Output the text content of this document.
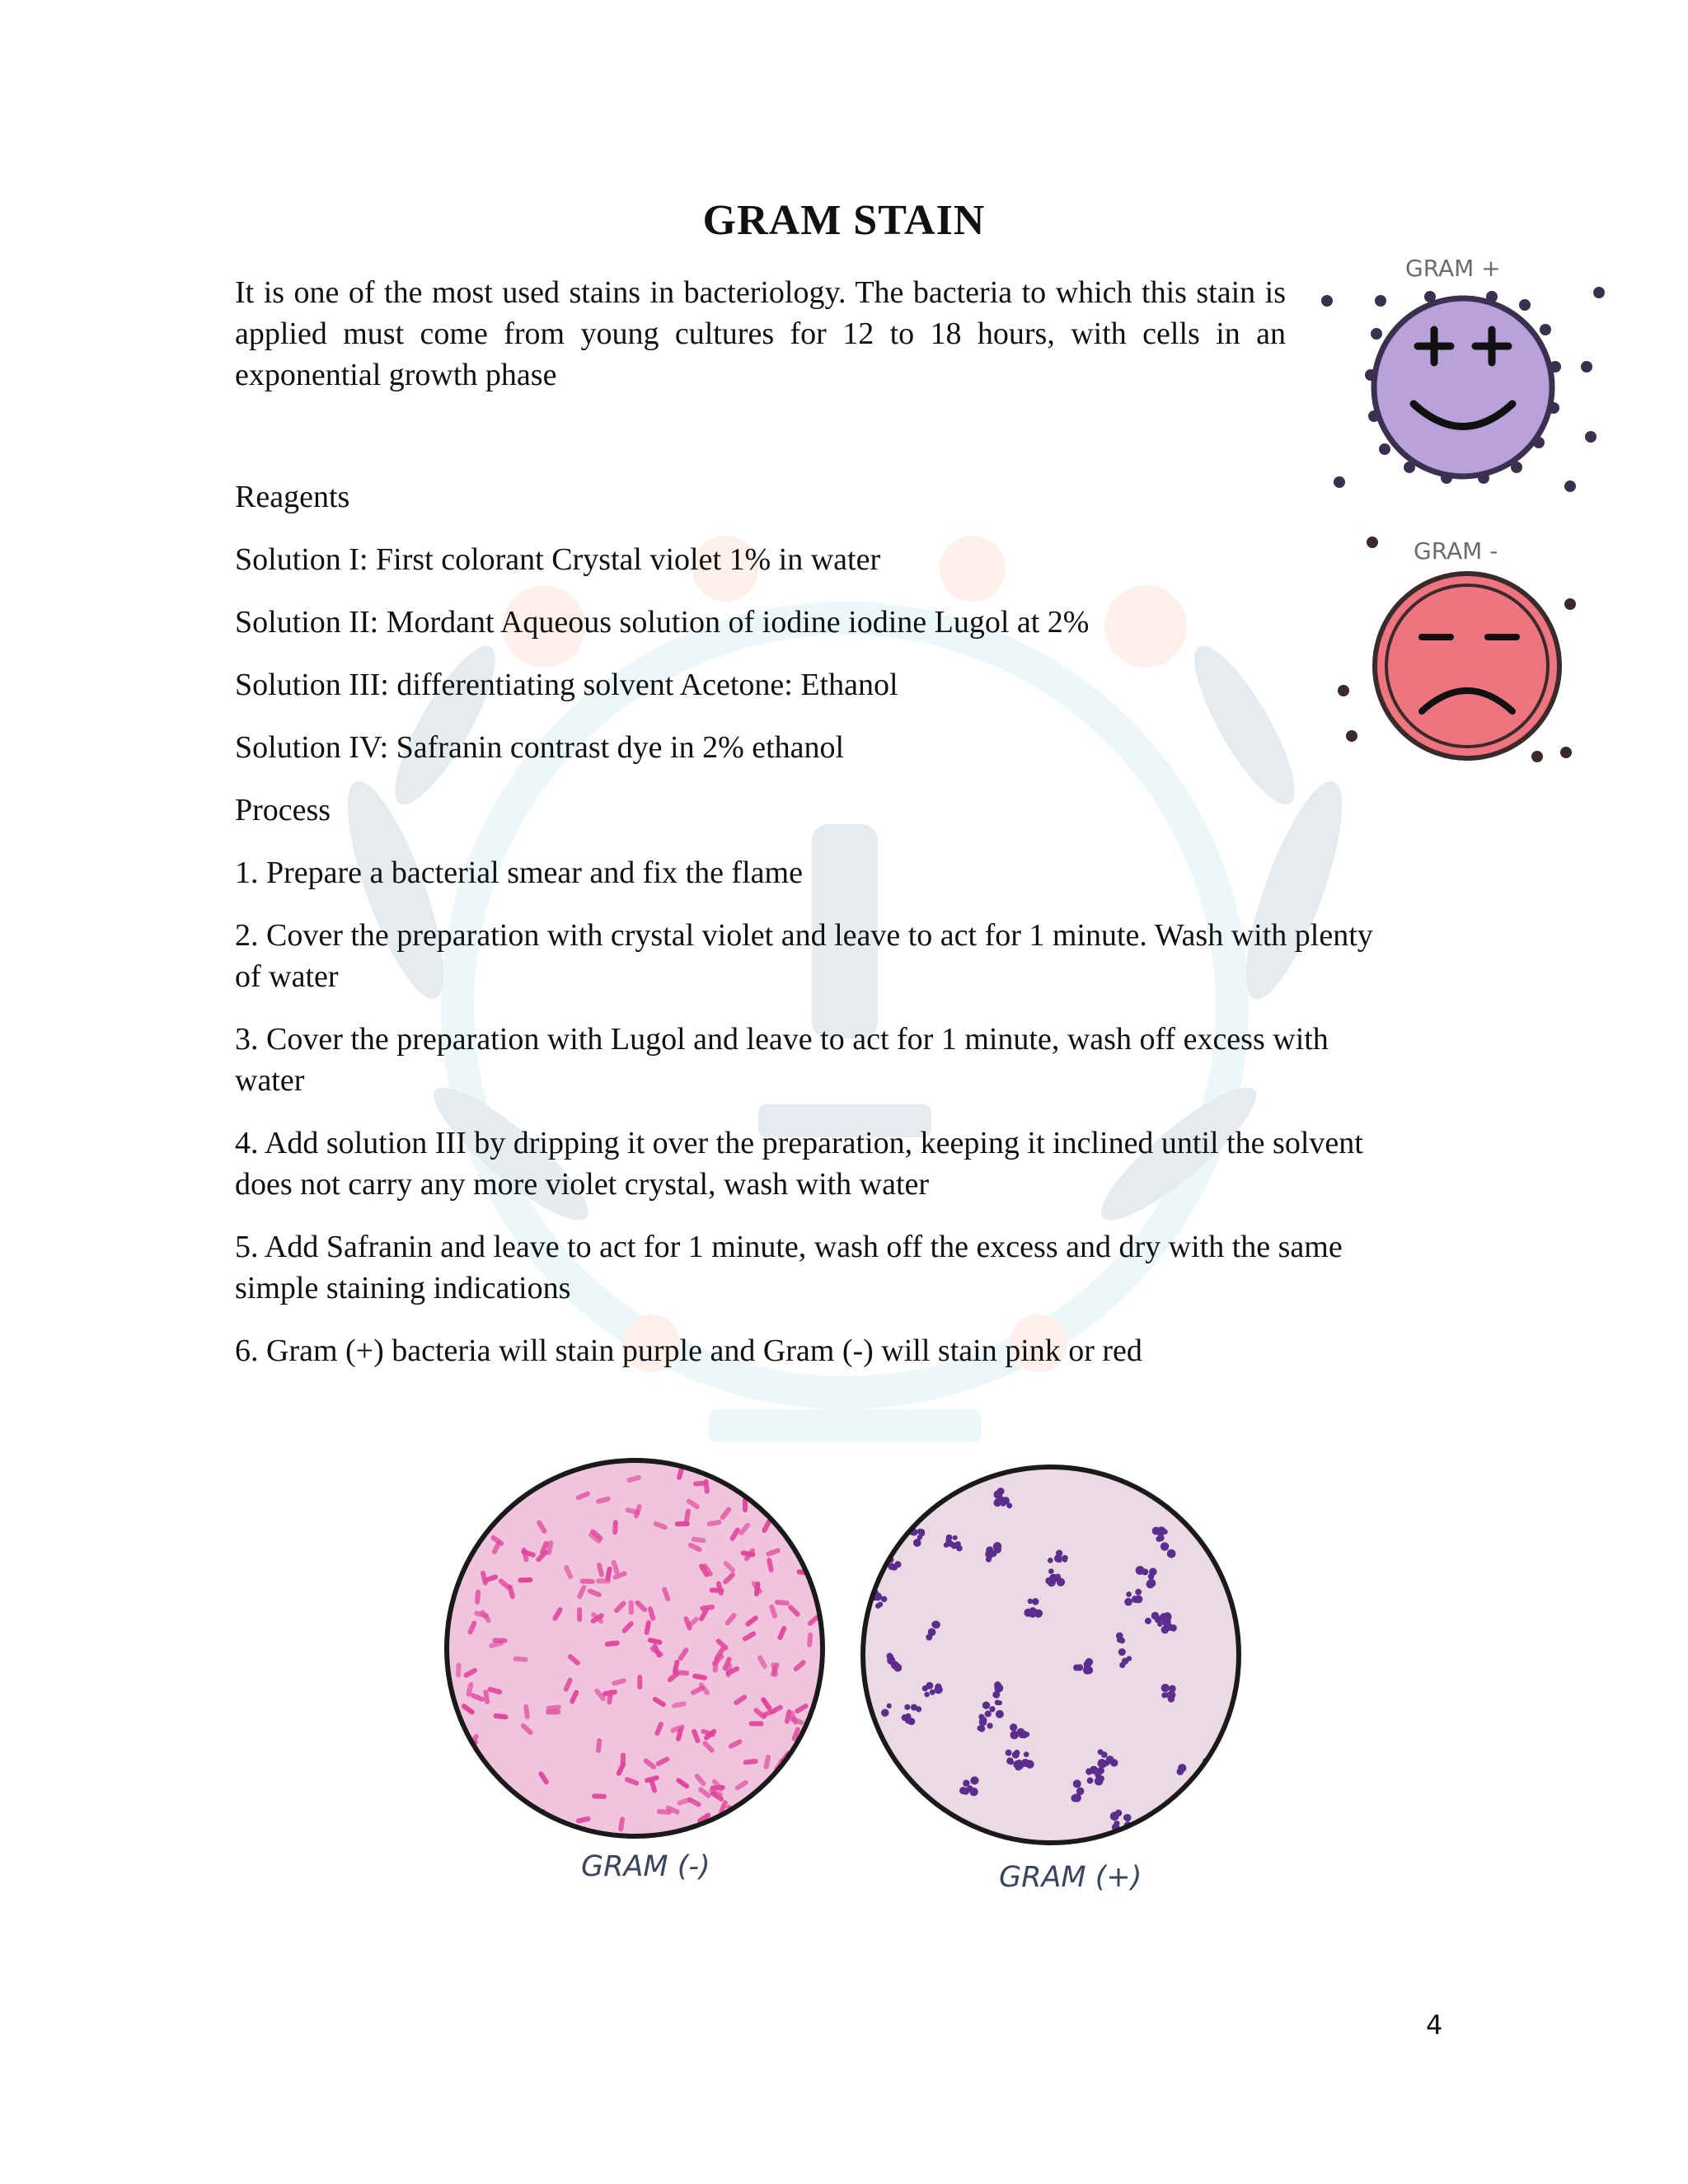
GRAM STAIN

It is one of the most used stains in bacteriology. The bacteria to which this stain is applied must come from young cultures for 12 to 18 hours, with cells in an exponential growth phase

Reagents

Solution I: First colorant Crystal violet 1% in water

Solution II: Mordant Aqueous solution of iodine iodine Lugol at 2%

Solution III: differentiating solvent Acetone: Ethanol

Solution IV: Safranin contrast dye in 2% ethanol

Process

1. Prepare a bacterial smear and fix the flame

2. Cover the preparation with crystal violet and leave to act for 1 minute. Wash with plenty
of water
3. Cover the preparation with Lugol and leave to act for 1 minute, wash off excess with
water
4. Add solution III by dripping it over the preparation, keeping it inclined until the solvent
does not carry any more violet crystal, wash with water
5. Add Safranin and leave to act for 1 minute, wash off the excess and dry with the same
simple staining indications

6. Gram (+) bacteria will stain purple and Gram (-) will stain pink or red

GRAM +
GRAM -
GRAM (-)	GRAM (+)
4
